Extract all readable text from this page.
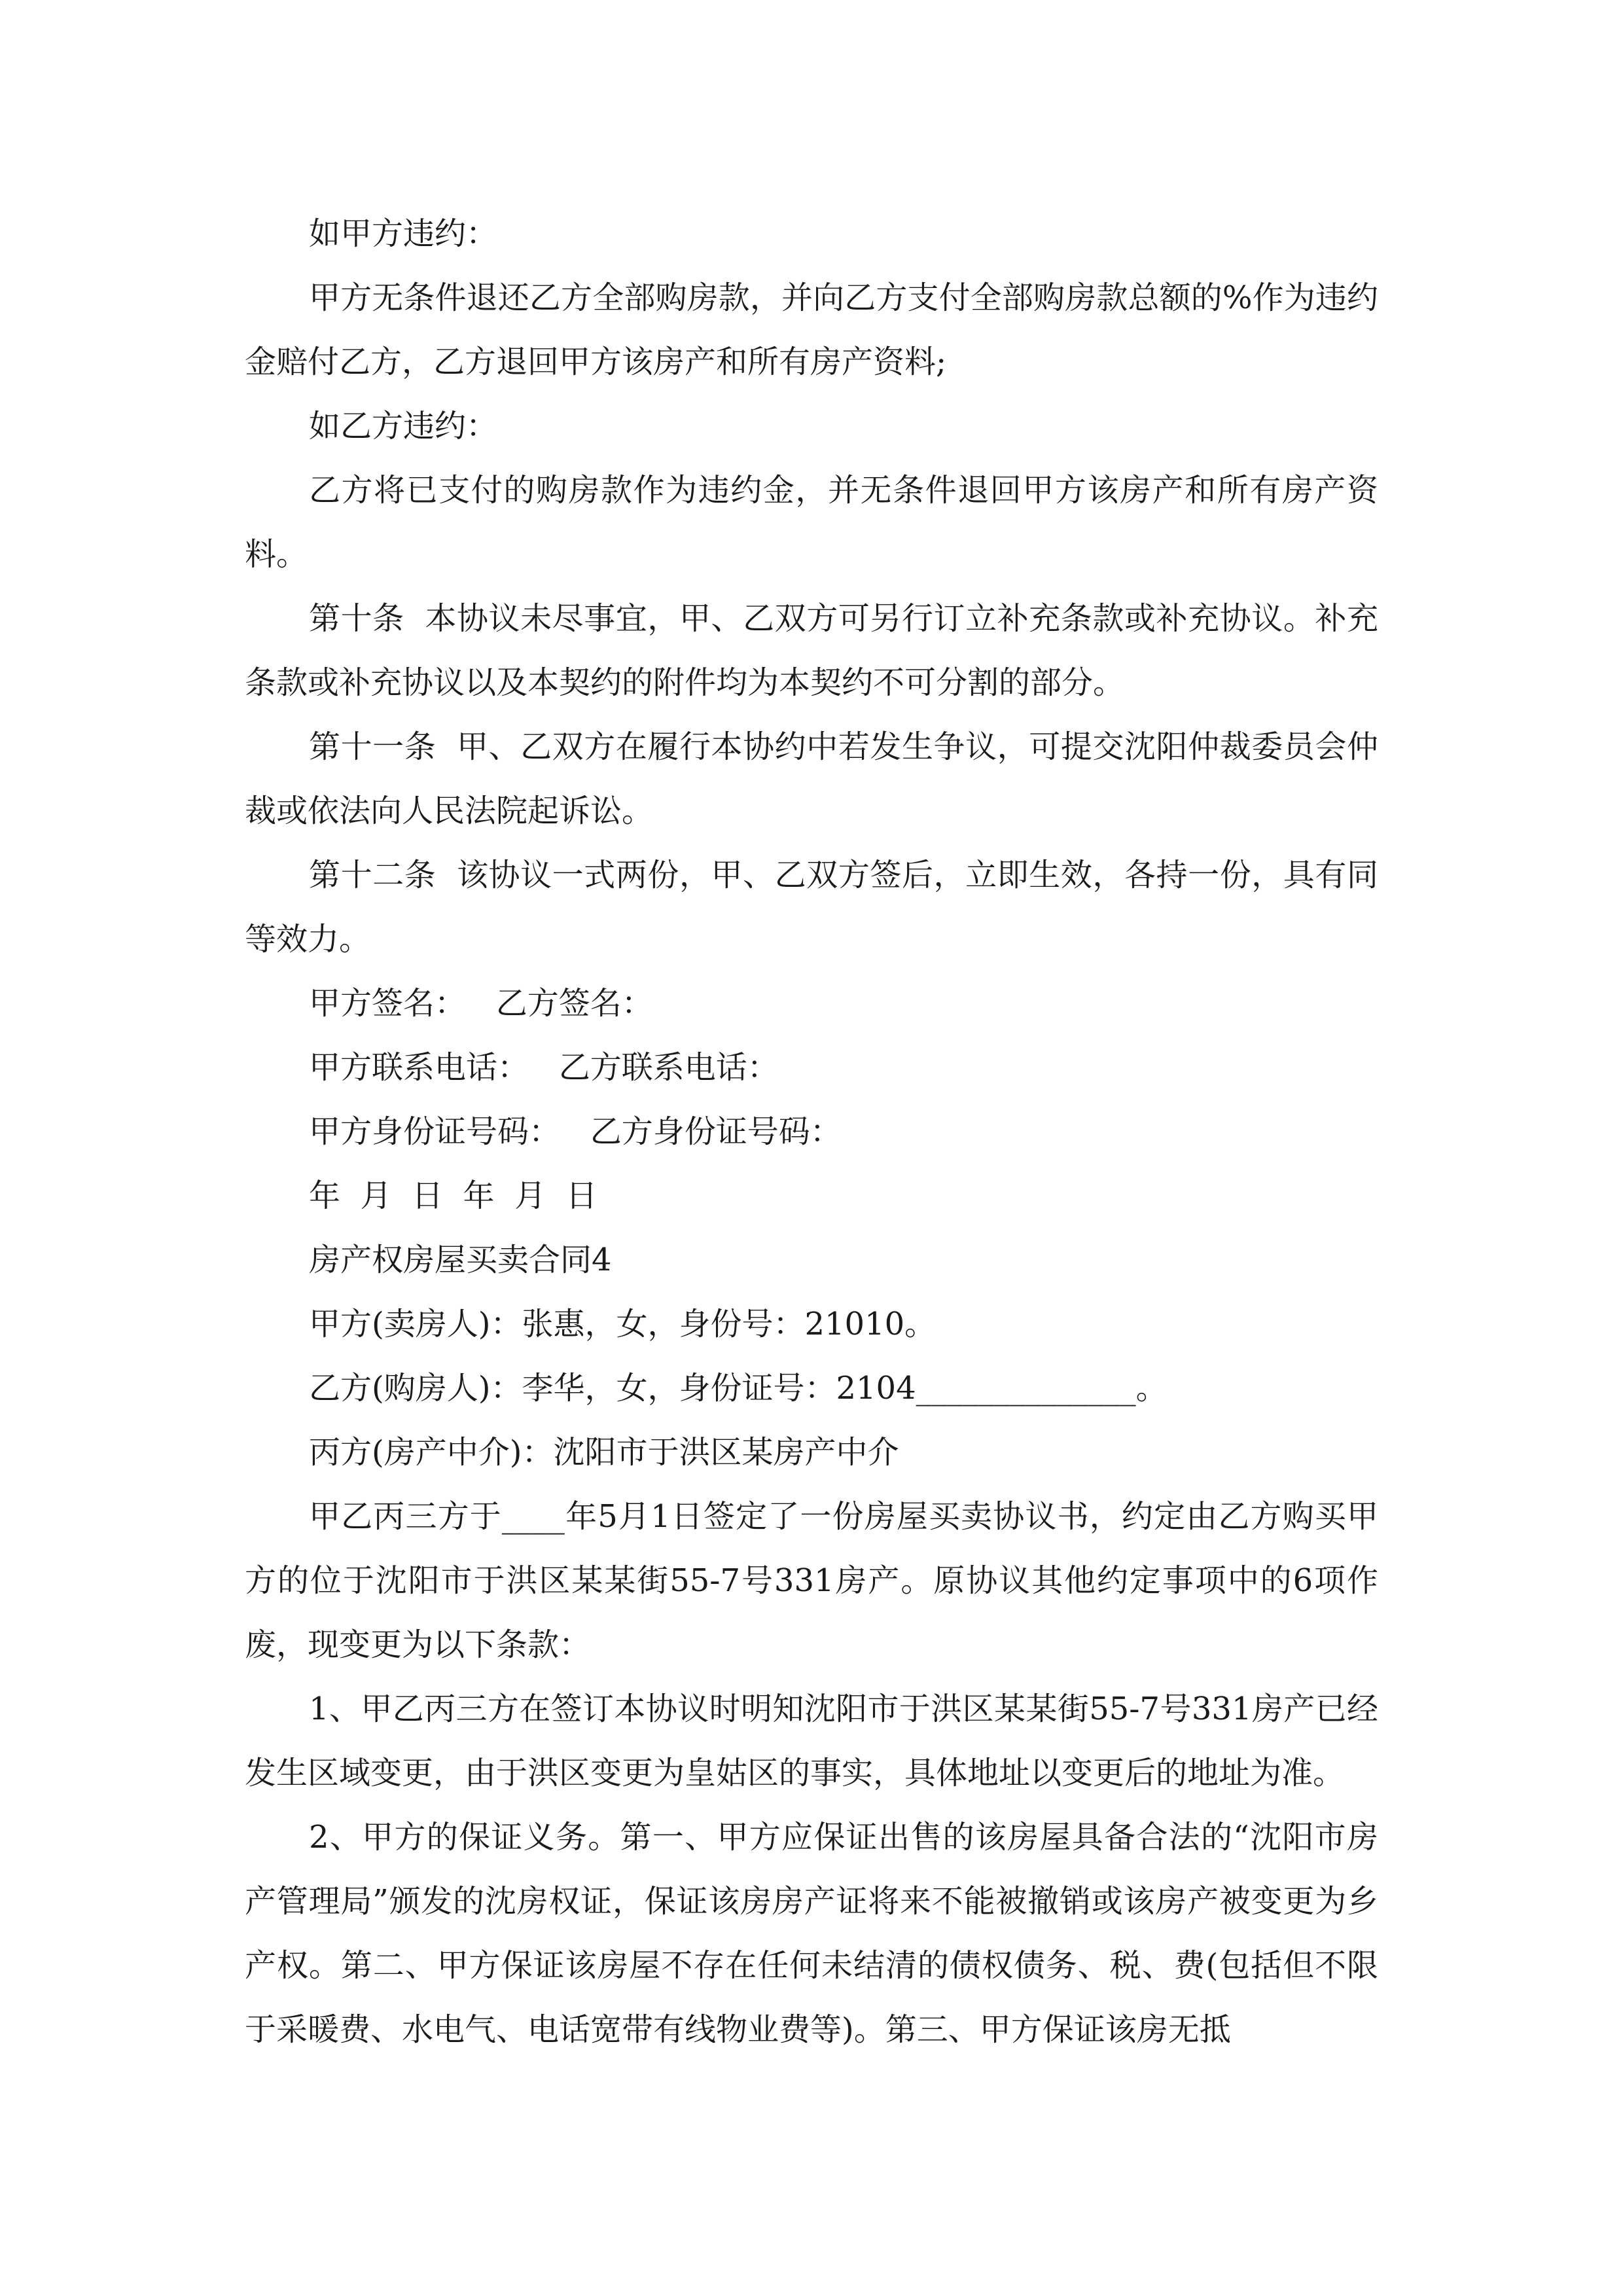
如甲方违约：

甲方无条件退还乙方全部购房款，并向乙方支付全部购房款总额的%作为违约金赔付乙方，乙方退回甲方该房产和所有房产资料;

如乙方违约：

乙方将已支付的购房款作为违约金，并无条件退回甲方该房产和所有房产资料。

第十条  本协议未尽事宜，甲、乙双方可另行订立补充条款或补充协议。补充条款或补充协议以及本契约的附件均为本契约不可分割的部分。

第十一条  甲、乙双方在履行本协约中若发生争议，可提交沈阳仲裁委员会仲裁或依法向人民法院起诉讼。

第十二条  该协议一式两份，甲、乙双方签后，立即生效，各持一份，具有同等效力。

甲方签名：   乙方签名：

甲方联系电话：   乙方联系电话：

甲方身份证号码：   乙方身份证号码：

年  月  日  年  月  日

房产权房屋买卖合同4

甲方(卖房人)：张惠，女，身份号：21010。

乙方(购房人)：李华，女，身份证号：2104______________。

丙方(房产中介)：沈阳市于洪区某房产中介

甲乙丙三方于____年5月1日签定了一份房屋买卖协议书，约定由乙方购买甲方的位于沈阳市于洪区某某街55-7号331房产。原协议其他约定事项中的6项作废，现变更为以下条款：

1、甲乙丙三方在签订本协议时明知沈阳市于洪区某某街55-7号331房产已经发生区域变更，由于洪区变更为皇姑区的事实，具体地址以变更后的地址为准。

2、甲方的保证义务。第一、甲方应保证出售的该房屋具备合法的“沈阳市房产管理局”颁发的沈房权证，保证该房房产证将来不能被撤销或该房产被变更为乡产权。第二、甲方保证该房屋不存在任何未结清的债权债务、税、费(包括但不限于采暖费、水电气、电话宽带有线物业费等)。第三、甲方保证该房无抵
